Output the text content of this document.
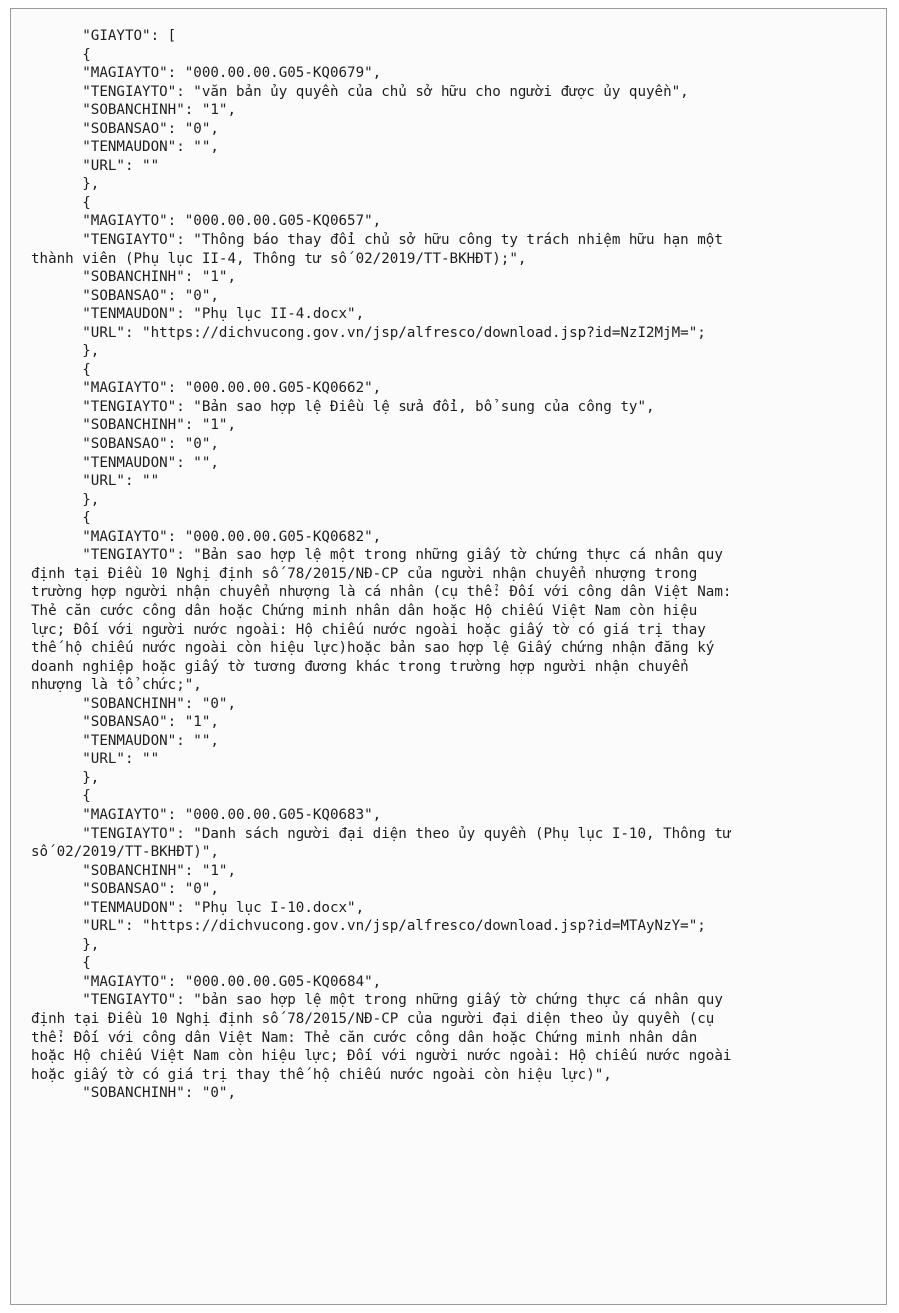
"GIAYTO": [
{
"MAGIAYTO": "000.00.00.G05-KQ0679",
"TENGIAYTO": "văn bản ủy quyền của chủ sở hữu cho người được ủy quyền",
"SOBANCHINH": "1",
"SOBANSAO": "0",
"TENMAUDON": "",
"URL": ""
},
{
"MAGIAYTO": "000.00.00.G05-KQ0657",
"TENGIAYTO": "Thông báo thay đổi chủ sở hữu công ty trách nhiệm hữu hạn một
thành viên (Phụ lục II-4, Thông tư số 02/2019/TT-BKHĐT);",
"SOBANCHINH": "1",
"SOBANSAO": "0",
"TENMAUDON": "Phụ lục II-4.docx",
"URL": "https://dichvucong.gov.vn/jsp/alfresco/download.jsp?id=NzI2MjM=";
},
{
"MAGIAYTO": "000.00.00.G05-KQ0662",
"TENGIAYTO": "Bản sao hợp lệ Điều lệ sửa đổi, bổ sung của công ty",
"SOBANCHINH": "1",
"SOBANSAO": "0",
"TENMAUDON": "",
"URL": ""
},
{
"MAGIAYTO": "000.00.00.G05-KQ0682",
"TENGIAYTO": "Bản sao hợp lệ một trong những giấy tờ chứng thực cá nhân quy
định tại Điều 10 Nghị định số 78/2015/NĐ-CP của người nhận chuyển nhượng trong
trường hợp người nhận chuyển nhượng là cá nhân (cụ thể: Đối với công dân Việt Nam:
Thẻ căn cước công dân hoặc Chứng minh nhân dân hoặc Hộ chiếu Việt Nam còn hiệu
lực; Đối với người nước ngoài: Hộ chiếu nước ngoài hoặc giấy tờ có giá trị thay
thế hộ chiếu nước ngoài còn hiệu lực)hoặc bản sao hợp lệ Giấy chứng nhận đăng ký
doanh nghiệp hoặc giấy tờ tương đương khác trong trường hợp người nhận chuyển
nhượng là tổ chức;",
"SOBANCHINH": "0",
"SOBANSAO": "1",
"TENMAUDON": "",
"URL": ""
},
{
"MAGIAYTO": "000.00.00.G05-KQ0683",
"TENGIAYTO": "Danh sách người đại diện theo ủy quyền (Phụ lục I-10, Thông tư
số 02/2019/TT-BKHĐT)",
"SOBANCHINH": "1",
"SOBANSAO": "0",
"TENMAUDON": "Phụ lục I-10.docx",
"URL": "https://dichvucong.gov.vn/jsp/alfresco/download.jsp?id=MTAyNzY=";
},
{
"MAGIAYTO": "000.00.00.G05-KQ0684",
"TENGIAYTO": "bản sao hợp lệ một trong những giấy tờ chứng thực cá nhân quy
định tại Điều 10 Nghị định số 78/2015/NĐ-CP của người đại diện theo ủy quyền (cụ
thể: Đối với công dân Việt Nam: Thẻ căn cước công dân hoặc Chứng minh nhân dân
hoặc Hộ chiếu Việt Nam còn hiệu lực; Đối với người nước ngoài: Hộ chiếu nước ngoài
hoặc giấy tờ có giá trị thay thế hộ chiếu nước ngoài còn hiệu lực)",
"SOBANCHINH": "0",
